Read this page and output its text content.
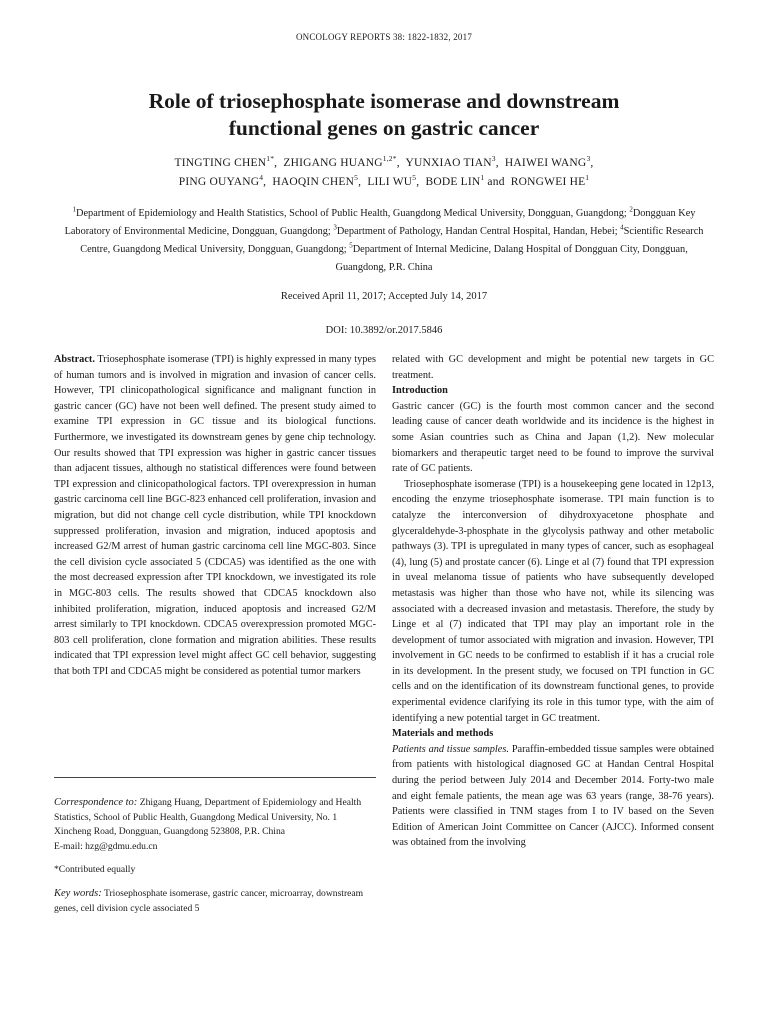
ONCOLOGY REPORTS 38: 1822-1832, 2017
Role of triosephosphate isomerase and downstream
functional genes on gastric cancer
TINGTING $CHEN^{1*}$, ZHIGANG $HUANG^{1,2*}$, YUNXIAO TIAN$^3$, HAIWEI WANG$^3$,
PING OUYANG$^4$, HAOQIN CHEN$^5$, LILI $WU^5$, BODE LIN$^1$ and RONGWEI $HE^1$
$^1$Department of Epidemiology and Health Statistics, School of Public Health, Guangdong Medical University, Dongguan, Guangdong; $^2$Dongguan Key Laboratory of Environmental Medicine, Dongguan, Guangdong; $^3$Department of Pathology, Handan Central Hospital, Handan, Hebei; $^4$Scientific Research Centre, Guangdong Medical University, Dongguan, Guangdong; $^5$Department of Internal Medicine, Dalang Hospital of Dongguan City, Dongguan, Guangdong, P.R. China
Received April 11, 2017; Accepted July 14, 2017
DOI: 10.3892/or.2017.5846

Abstract. Triosephosphate isomerase (TPI) is highly expressed in many types of human tumors and is involved in migration and invasion of cancer cells. However, TPI clinicopathological significance and malignant function in gastric cancer (GC) have not been well defined. The present study aimed to examine TPI expression in GC tissue and its biological functions. Furthermore, we investigated its downstream genes by gene chip technology. Our results showed that TPI expression was higher in gastric cancer tissues than adjacent tissues, although no statistical differences were found between TPI expression and clinicopathological factors. TPI overexpression in human gastric carcinoma cell line BGC-823 enhanced cell proliferation, invasion and migration, but did not change cell cycle distribution, while TPI knockdown suppressed proliferation, invasion and migration, induced apoptosis and increased G2/M arrest of human gastric carcinoma cell line MGC-803. Since the cell division cycle associated 5 (CDCA5) was identified as the one with the most decreased expression after TPI knockdown, we investigated its role in MGC-803 cells. The results showed that CDCA5 knockdown also inhibited proliferation, migration, induced apoptosis and increased G2/M arrest similarly to TPI knockdown. CDCA5 overexpression promoted MGC-803 cell proliferation, clone formation and migration abilities. These results indicated that TPI expression level might affect GC cell behavior, suggesting that both TPI and CDCA5 might be considered as potential tumor markers

Correspondence to: Zhigang Huang, Department of Epidemiology and Health Statistics, School of Public Health, Guangdong Medical University, No. 1 Xincheng Road, Dongguan, Guangdong 523808, P.R. China

E-mail: hzg@gdmu.edu.cn

*Contributed equally

Key words: Triosephosphate isomerase, gastric cancer, microarray, downstream genes, cell division cycle associated 5

related with GC development and might be potential new targets in GC treatment.

Introduction

Gastric cancer (GC) is the fourth most common cancer and the second leading cause of cancer death worldwide and its incidence is the highest in some Asian countries such as China and Japan (1,2). New molecular biomarkers and therapeutic target need to be found to improve the survival rate of GC patients.

Triosephosphate isomerase (TPI) is a housekeeping gene located in 12p13, encoding the enzyme triosephosphate isomerase. TPI main function is to catalyze the interconversion of dihydroxyacetone phosphate and glyceraldehyde-3-phosphate in the glycolysis pathway and other metabolic pathways (3). TPI is upregulated in many types of cancer, such as esophageal (4), lung (5) and prostate cancer (6). Linge et al (7) found that TPI expression in uveal melanoma tissue of patients who have subsequently developed metastasis was higher than those who have not, while its silencing was associated with a decreased invasion and metastasis. Therefore, the study by Linge et al (7) indicated that TPI may play an important role in the development of tumor associated with migration and invasion. However, TPI involvement in GC needs to be confirmed to establish if it has a crucial role in its development. In the present study, we focused on TPI function in GC cells and on the identification of its downstream functional genes, to provide experimental evidence clarifying its role in this tumor type, with the aim of identifying a new potential target in GC treatment.

Materials and methods

Patients and tissue samples. Paraffin-embedded tissue samples were obtained from patients with histological diagnosed GC at Handan Central Hospital during the period between July 2014 and December 2014. Forty-two male and eight female patients, the mean age was 63 years (range, 38-76 years). Patients were classified in TNM stages from I to IV based on the Seven Edition of American Joint Committee on Cancer (AJCC). Informed consent was obtained from the involving
